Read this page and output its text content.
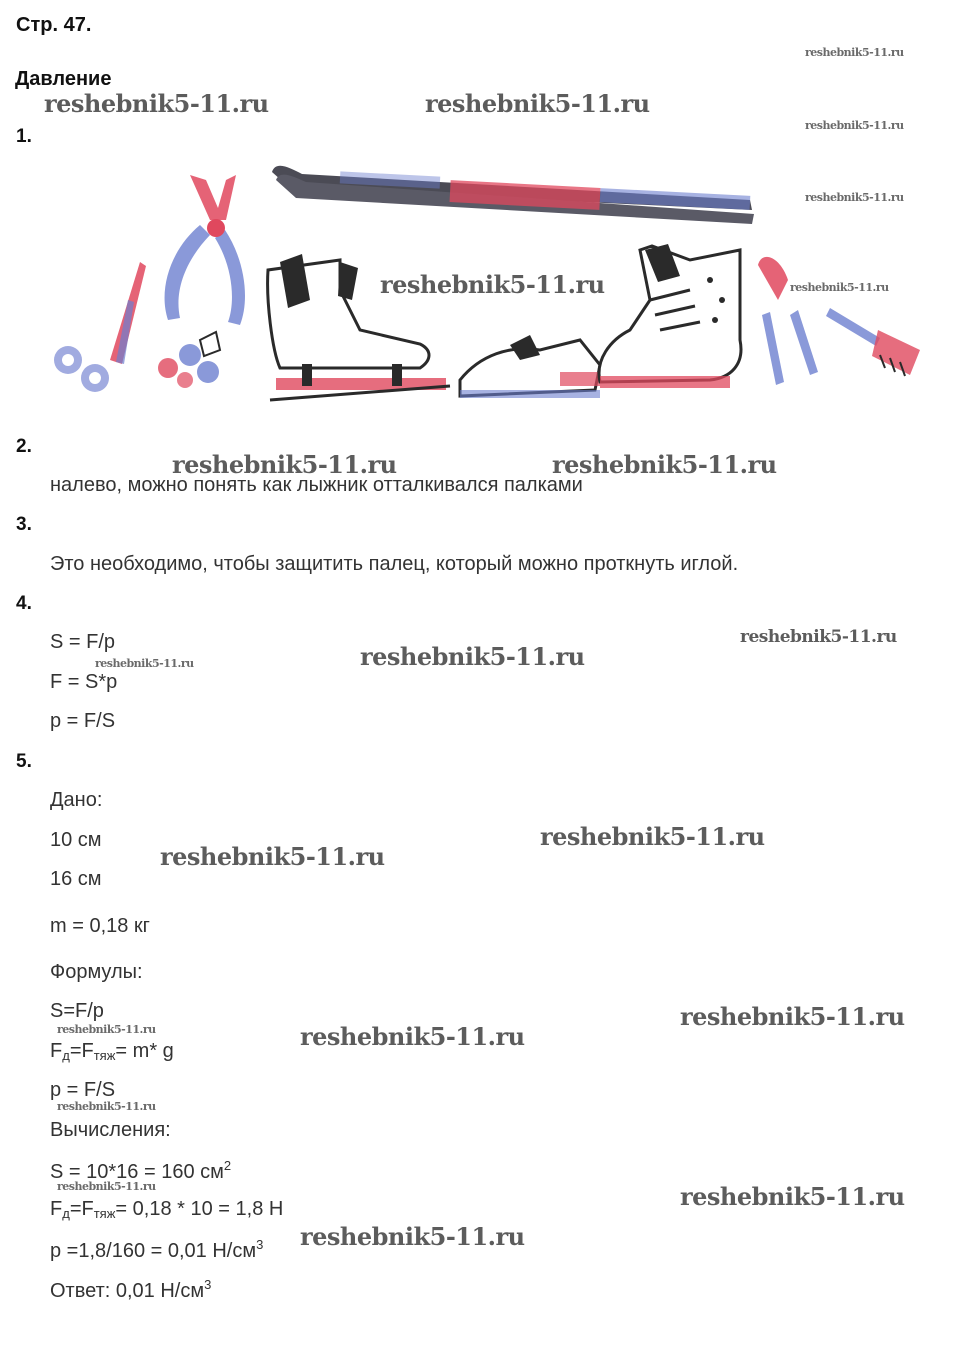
Стр. 47.
Давление
1.
2.
налево, можно понять как лыжник отталкивался палками
3.
Это необходимо, чтобы защитить палец, который можно проткнуть иглой.
4.
S = F/p
F = S*p
p = F/S
5.
Дано:
10 см
16 см
m = 0,18 кг
Формулы:
S=F/p
$F_д=F_{тяж}= m*$ g
p = F/S
Вычисления:
S = 10*16 = 160 $см^2$
$F_д=F_{тяж}= 0,18 * 10 = 1,8$ Н
p =1,8/160 = 0,01 $Н/см^3$
Ответ: 0,01 $Н/см^3$
reshebnik5-11.ru
reshebnik5-11.ru	reshebnik5-11.ru
reshebnik5-11.ru
reshebnik5-11.ru
reshebnik5-11.ru	reshebnik5-11.ru
reshebnik5-11.ru	reshebnik5-11.ru
reshebnik5-11.ru
reshebnik5-11.ru
reshebnik5-11.ru
reshebnik5-11.ru
reshebnik5-11.ru
reshebnik5-11.ru
reshebnik5-11.ru	reshebnik5-11.ru
reshebnik5-11.ru
reshebnik5-11.ru	reshebnik5-11.ru
reshebnik5-11.ru
